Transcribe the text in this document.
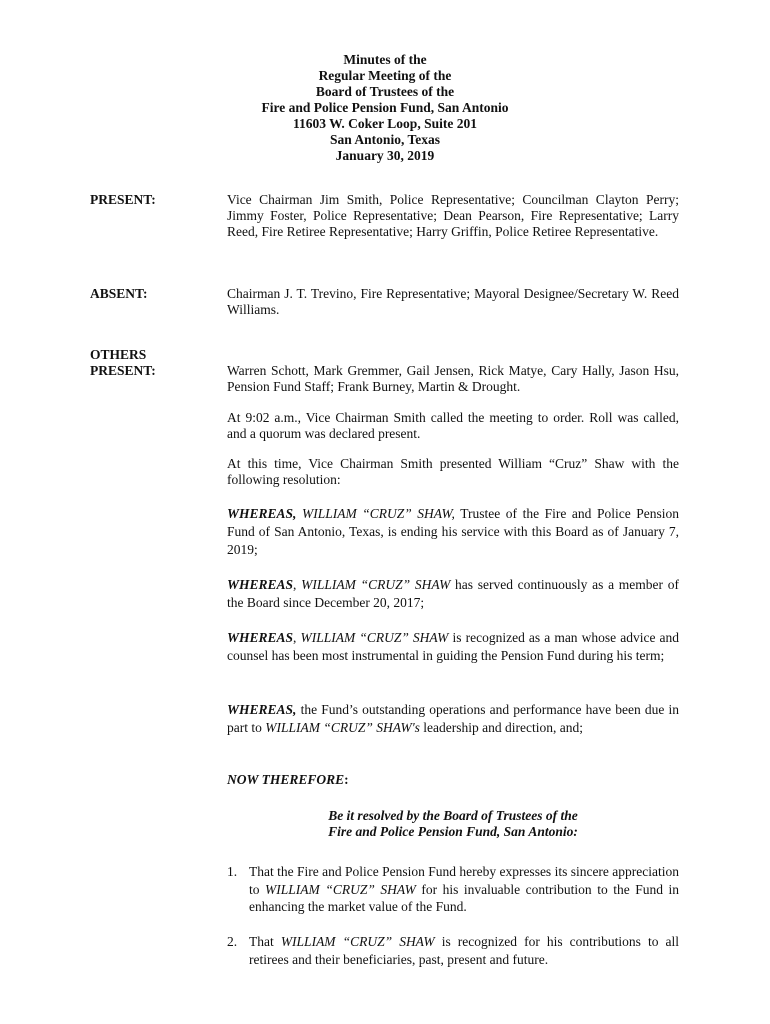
Minutes of the
Regular Meeting of the
Board of Trustees of the
Fire and Police Pension Fund, San Antonio
11603 W. Coker Loop, Suite 201
San Antonio, Texas
January 30, 2019
PRESENT:	Vice Chairman Jim Smith, Police Representative; Councilman Clayton Perry; Jimmy Foster, Police Representative; Dean Pearson, Fire Representative; Larry Reed, Fire Retiree Representative; Harry Griffin, Police Retiree Representative.

ABSENT:	Chairman J. T. Trevino, Fire Representative; Mayoral Designee/Secretary W. Reed Williams.

OTHERS
PRESENT:	Warren Schott, Mark Gremmer, Gail Jensen, Rick Matye, Cary Hally, Jason Hsu, Pension Fund Staff; Frank Burney, Martin & Drought.

At 9:02 a.m., Vice Chairman Smith called the meeting to order. Roll was called, and a quorum was declared present.

At this time, Vice Chairman Smith presented William “Cruz” Shaw with the following resolution:

WHEREAS, WILLIAM “CRUZ” SHAW, Trustee of the Fire and Police Pension Fund of San Antonio, Texas, is ending his service with this Board as of January 7, 2019;

WHEREAS, WILLIAM “CRUZ” SHAW has served continuously as a member of the Board since December 20, 2017;

WHEREAS, WILLIAM “CRUZ” SHAW is recognized as a man whose advice and counsel has been most instrumental in guiding the Pension Fund during his term;

WHEREAS, the Fund’s outstanding operations and performance have been due in part to WILLIAM “CRUZ” SHAW's leadership and direction, and;

NOW THEREFORE:

Be it resolved by the Board of Trustees of the
Fire and Police Pension Fund, San Antonio:
1. That the Fire and Police Pension Fund hereby expresses its sincere appreciation to WILLIAM “CRUZ” SHAW for his invaluable contribution to the Fund in enhancing the market value of the Fund.
2. That WILLIAM “CRUZ” SHAW is recognized for his contributions to all retirees and their beneficiaries, past, present and future.
